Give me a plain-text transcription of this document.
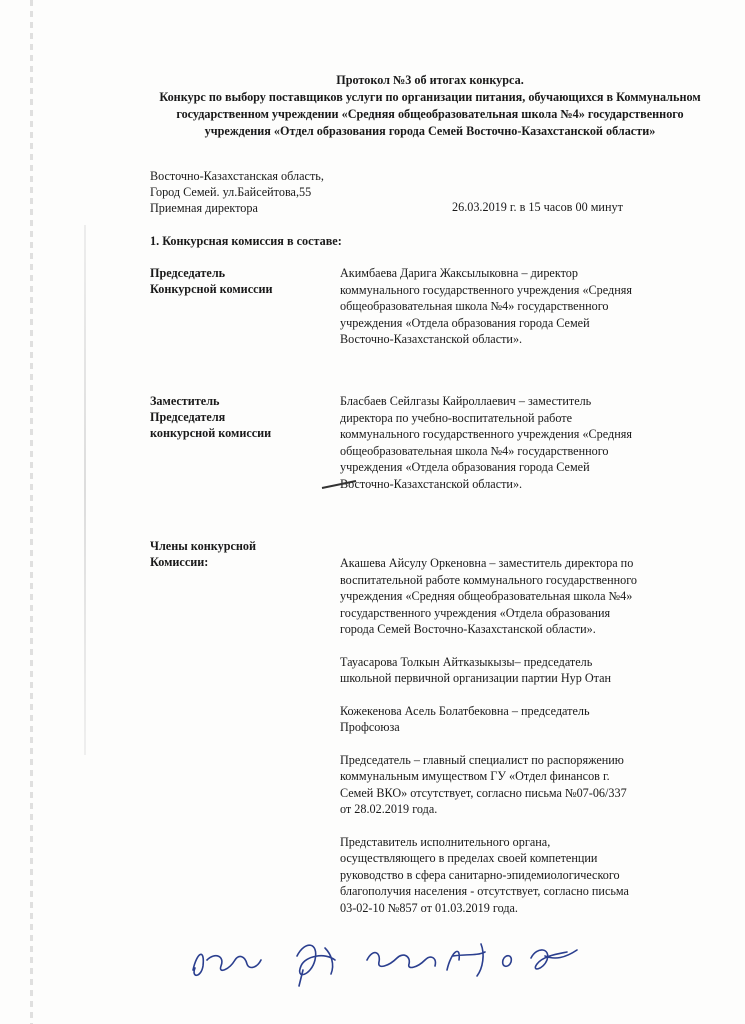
Протокол №3 об итогах конкурса.
Конкурс по выбору поставщиков услуги по организации питания, обучающихся в Коммунальном государственном учреждении «Средняя общеобразовательная школа №4» государственного учреждения «Отдел образования города Семей Восточно-Казахстанской области»
Восточно-Казахстанская область,
Город Семей. ул.Байсейтова,55
Приемная директора	26.03.2019 г. в 15 часов 00 минут
1. Конкурсная комиссия в составе:
Председатель
Конкурсной комиссии
Акимбаева Дарига Жаксылыковна – директор коммунального государственного учреждения «Средняя общеобразовательная школа №4» государственного учреждения «Отдела образования города Семей Восточно-Казахстанской области».
Заместитель
Председателя
конкурсной комиссии
Бласбаев Сейлгазы Кайроллаевич – заместитель директора по учебно-воспитательной работе коммунального государственного учреждения «Средняя общеобразовательная школа №4» государственного учреждения «Отдела образования города Семей Восточно-Казахстанской области».
Члены конкурсной
Комиссии:	Акашева Айсулу Оркеновна – заместитель директора по воспитательной работе коммунального государственного учреждения «Средняя общеобразовательная школа №4» государственного учреждения «Отдела образования города Семей Восточно-Казахстанской области».
Тауасарова Толкын Айтказыкызы– председатель школьной первичной организации партии Нур Отан
Кожекенова Асель Болатбековна – председатель Профсоюза
Председатель – главный специалист по распоряжению коммунальным имуществом ГУ «Отдел финансов г. Семей ВКО» отсутствует, согласно письма №07-06/337 от 28.02.2019 года.
Представитель исполнительного органа, осуществляющего в пределах своей компетенции руководство в сфера санитарно-эпидемиологического благополучия населения - отсутствует, согласно письма 03-02-10 №857 от 01.03.2019 года.
